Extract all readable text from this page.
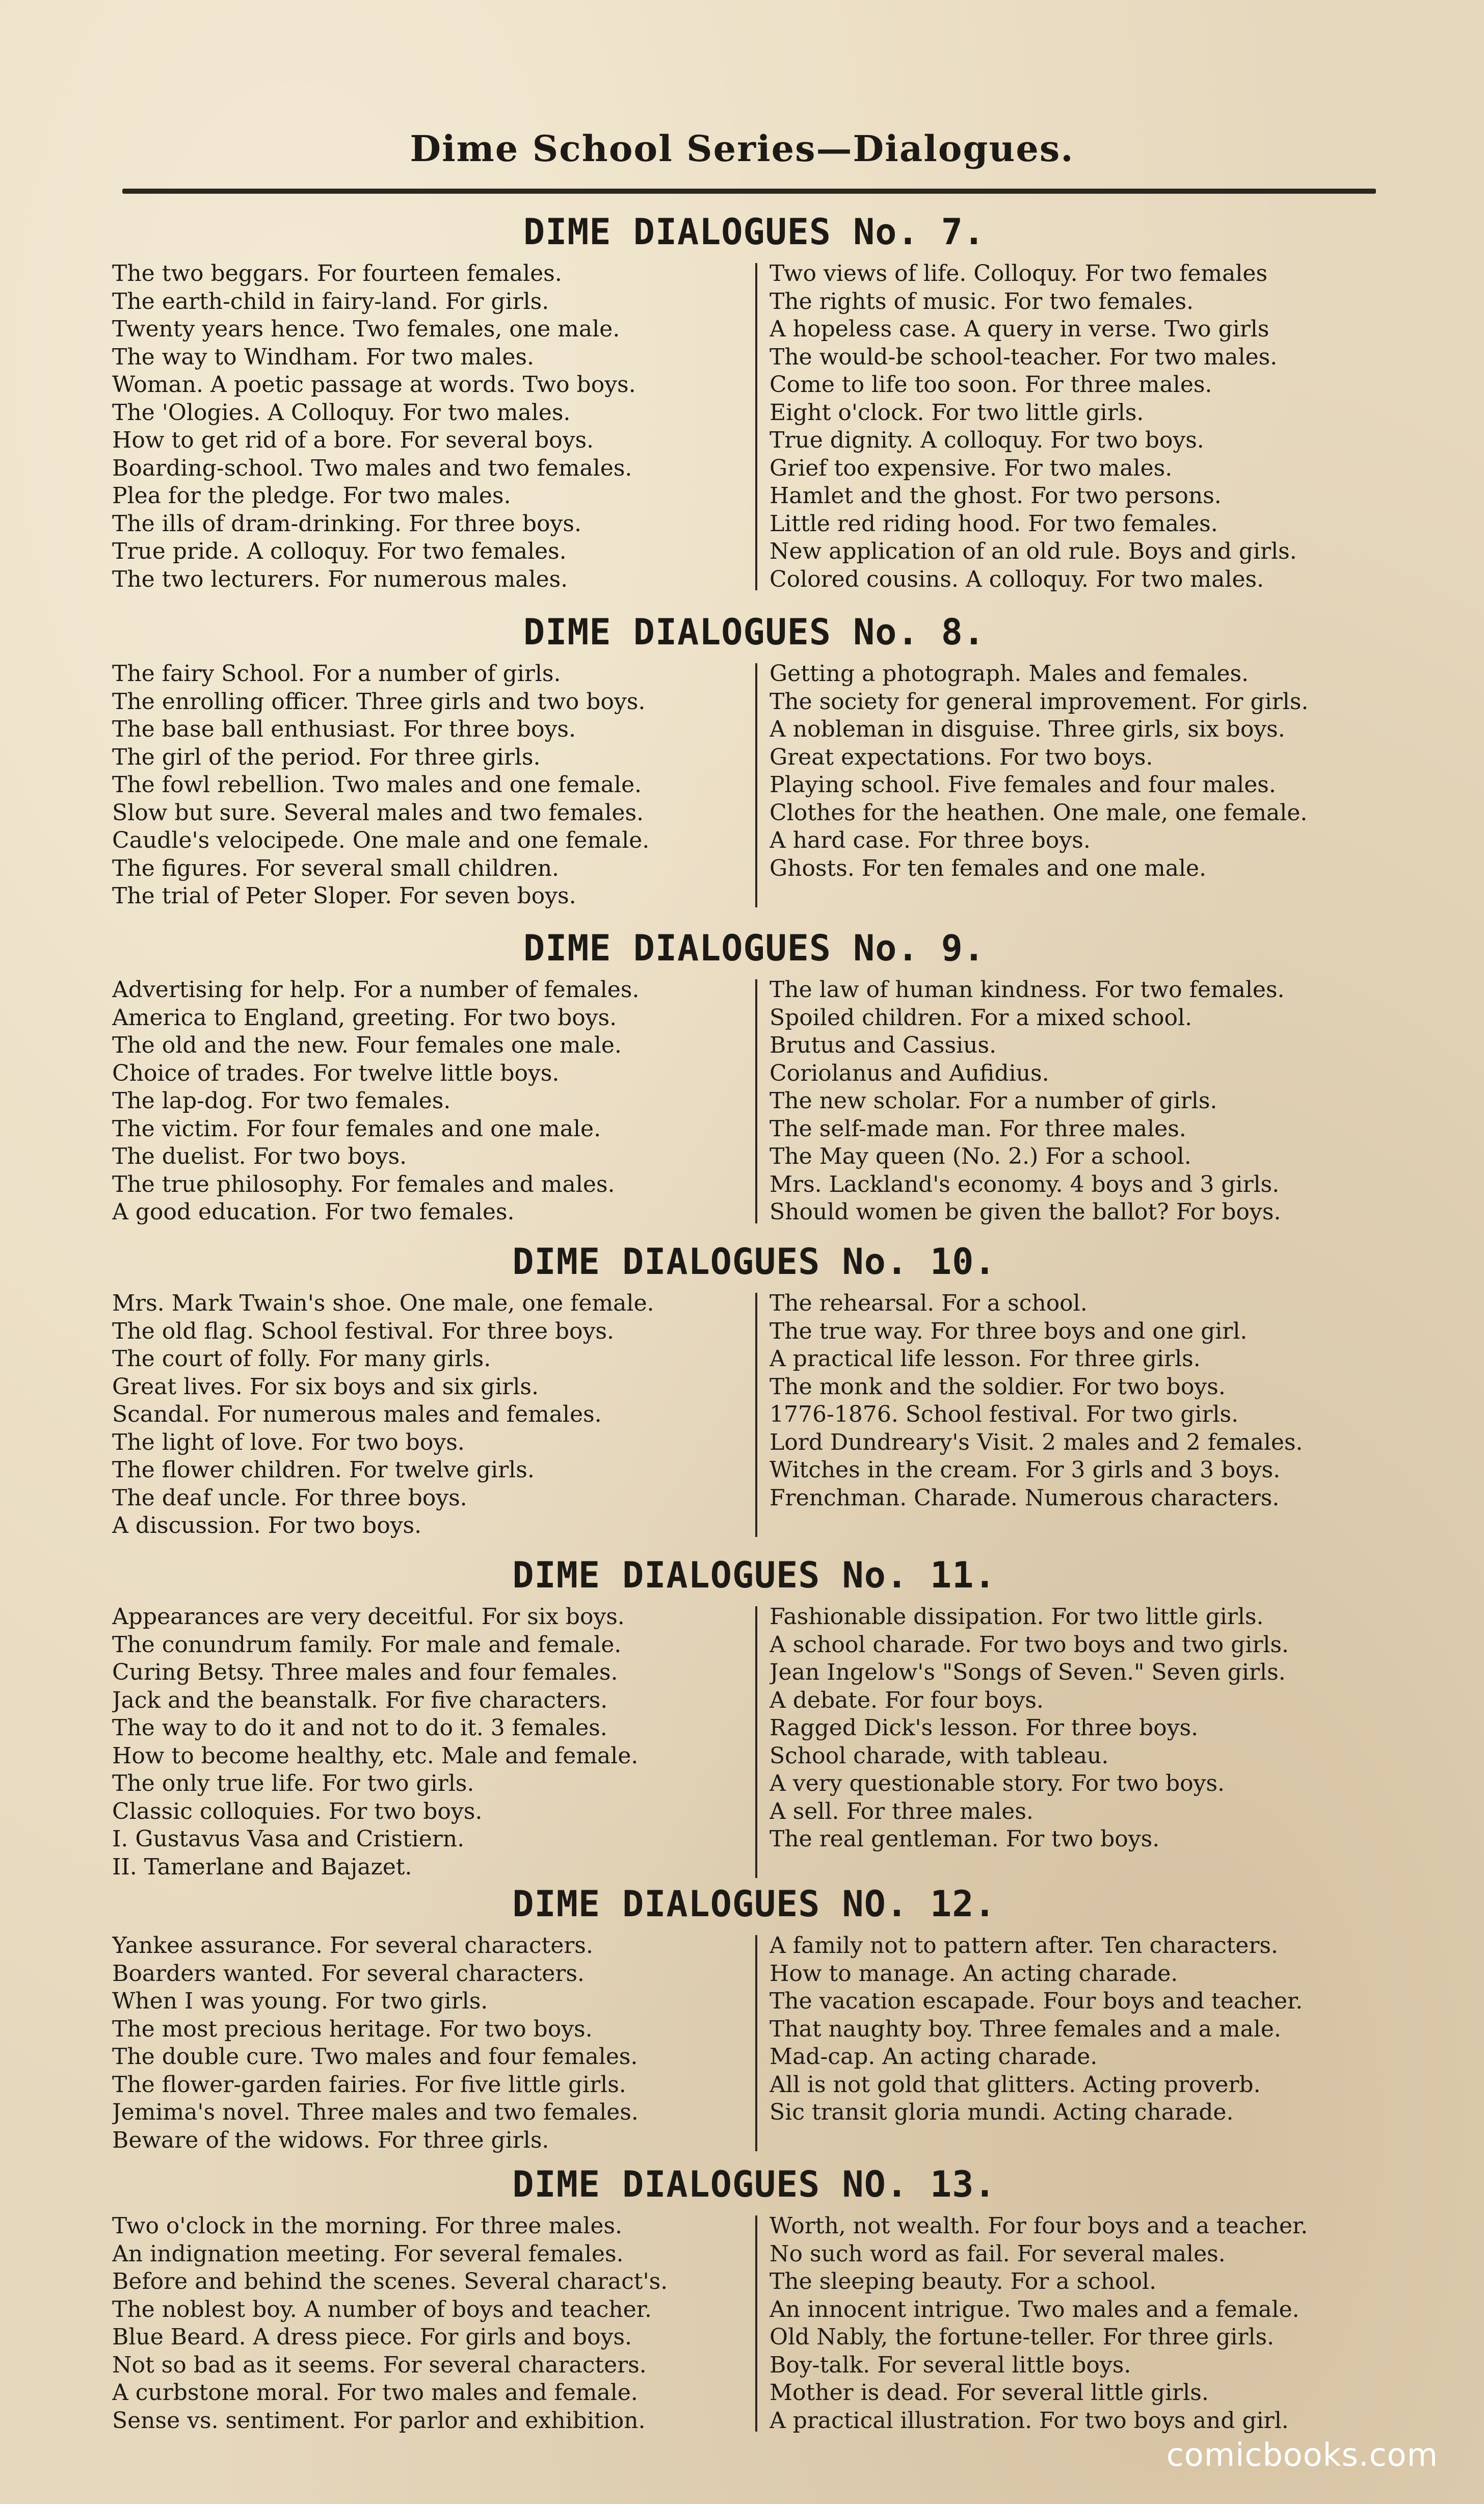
Dime School Series—Dialogues.
DIME DIALOGUES No. 7.
The two beggars. For fourteen females.
The earth-child in fairy-land. For girls.
Twenty years hence. Two females, one male.
The way to Windham. For two males.
Woman. A poetic passage at words. Two boys.
The 'Ologies. A Colloquy. For two males.
How to get rid of a bore. For several boys.
Boarding-school. Two males and two females.
Plea for the pledge. For two males.
The ills of dram-drinking. For three boys.
True pride. A colloquy. For two females.
The two lecturers. For numerous males.
Two views of life. Colloquy. For two females
The rights of music. For two females.
A hopeless case. A query in verse. Two girls
The would-be school-teacher. For two males.
Come to life too soon. For three males.
Eight o'clock. For two little girls.
True dignity. A colloquy. For two boys.
Grief too expensive. For two males.
Hamlet and the ghost. For two persons.
Little red riding hood. For two females.
New application of an old rule. Boys and girls.
Colored cousins. A colloquy. For two males.
DIME DIALOGUES No. 8.
The fairy School. For a number of girls.
The enrolling officer. Three girls and two boys.
The base ball enthusiast. For three boys.
The girl of the period. For three girls.
The fowl rebellion. Two males and one female.
Slow but sure. Several males and two females.
Caudle's velocipede. One male and one female.
The figures. For several small children.
The trial of Peter Sloper. For seven boys.
Getting a photograph. Males and females.
The society for general improvement. For girls.
A nobleman in disguise. Three girls, six boys.
Great expectations. For two boys.
Playing school. Five females and four males.
Clothes for the heathen. One male, one female.
A hard case. For three boys.
Ghosts. For ten females and one male.
DIME DIALOGUES No. 9.
Advertising for help. For a number of females.
America to England, greeting. For two boys.
The old and the new. Four females one male.
Choice of trades. For twelve little boys.
The lap-dog. For two females.
The victim. For four females and one male.
The duelist. For two boys.
The true philosophy. For females and males.
A good education. For two females.
The law of human kindness. For two females.
Spoiled children. For a mixed school.
Brutus and Cassius.
Coriolanus and Aufidius.
The new scholar. For a number of girls.
The self-made man. For three males.
The May queen (No. 2.) For a school.
Mrs. Lackland's economy. 4 boys and 3 girls.
Should women be given the ballot? For boys.
DIME DIALOGUES No. 10.
Mrs. Mark Twain's shoe. One male, one female.
The old flag. School festival. For three boys.
The court of folly. For many girls.
Great lives. For six boys and six girls.
Scandal. For numerous males and females.
The light of love. For two boys.
The flower children. For twelve girls.
The deaf uncle. For three boys.
A discussion. For two boys.
The rehearsal. For a school.
The true way. For three boys and one girl.
A practical life lesson. For three girls.
The monk and the soldier. For two boys.
1776-1876. School festival. For two girls.
Lord Dundreary's Visit. 2 males and 2 females.
Witches in the cream. For 3 girls and 3 boys.
Frenchman. Charade. Numerous characters.
DIME DIALOGUES No. 11.
Appearances are very deceitful. For six boys.
The conundrum family. For male and female.
Curing Betsy. Three males and four females.
Jack and the beanstalk. For five characters.
The way to do it and not to do it. 3 females.
How to become healthy, etc. Male and female.
The only true life. For two girls.
Classic colloquies. For two boys.
I. Gustavus Vasa and Cristiern.
II. Tamerlane and Bajazet.
Fashionable dissipation. For two little girls.
A school charade. For two boys and two girls.
Jean Ingelow's "Songs of Seven." Seven girls.
A debate. For four boys.
Ragged Dick's lesson. For three boys.
School charade, with tableau.
A very questionable story. For two boys.
A sell. For three males.
The real gentleman. For two boys.
DIME DIALOGUES NO. 12.
Yankee assurance. For several characters.
Boarders wanted. For several characters.
When I was young. For two girls.
The most precious heritage. For two boys.
The double cure. Two males and four females.
The flower-garden fairies. For five little girls.
Jemima's novel. Three males and two females.
Beware of the widows. For three girls.
A family not to pattern after. Ten characters.
How to manage. An acting charade.
The vacation escapade. Four boys and teacher.
That naughty boy. Three females and a male.
Mad-cap. An acting charade.
All is not gold that glitters. Acting proverb.
Sic transit gloria mundi. Acting charade.
DIME DIALOGUES NO. 13.
Two o'clock in the morning. For three males.
An indignation meeting. For several females.
Before and behind the scenes. Several charact's.
The noblest boy. A number of boys and teacher.
Blue Beard. A dress piece. For girls and boys.
Not so bad as it seems. For several characters.
A curbstone moral. For two males and female.
Sense vs. sentiment. For parlor and exhibition.
Worth, not wealth. For four boys and a teacher.
No such word as fail. For several males.
The sleeping beauty. For a school.
An innocent intrigue. Two males and a female.
Old Nably, the fortune-teller. For three girls.
Boy-talk. For several little boys.
Mother is dead. For several little girls.
A practical illustration. For two boys and girl.
comicbooks.com
